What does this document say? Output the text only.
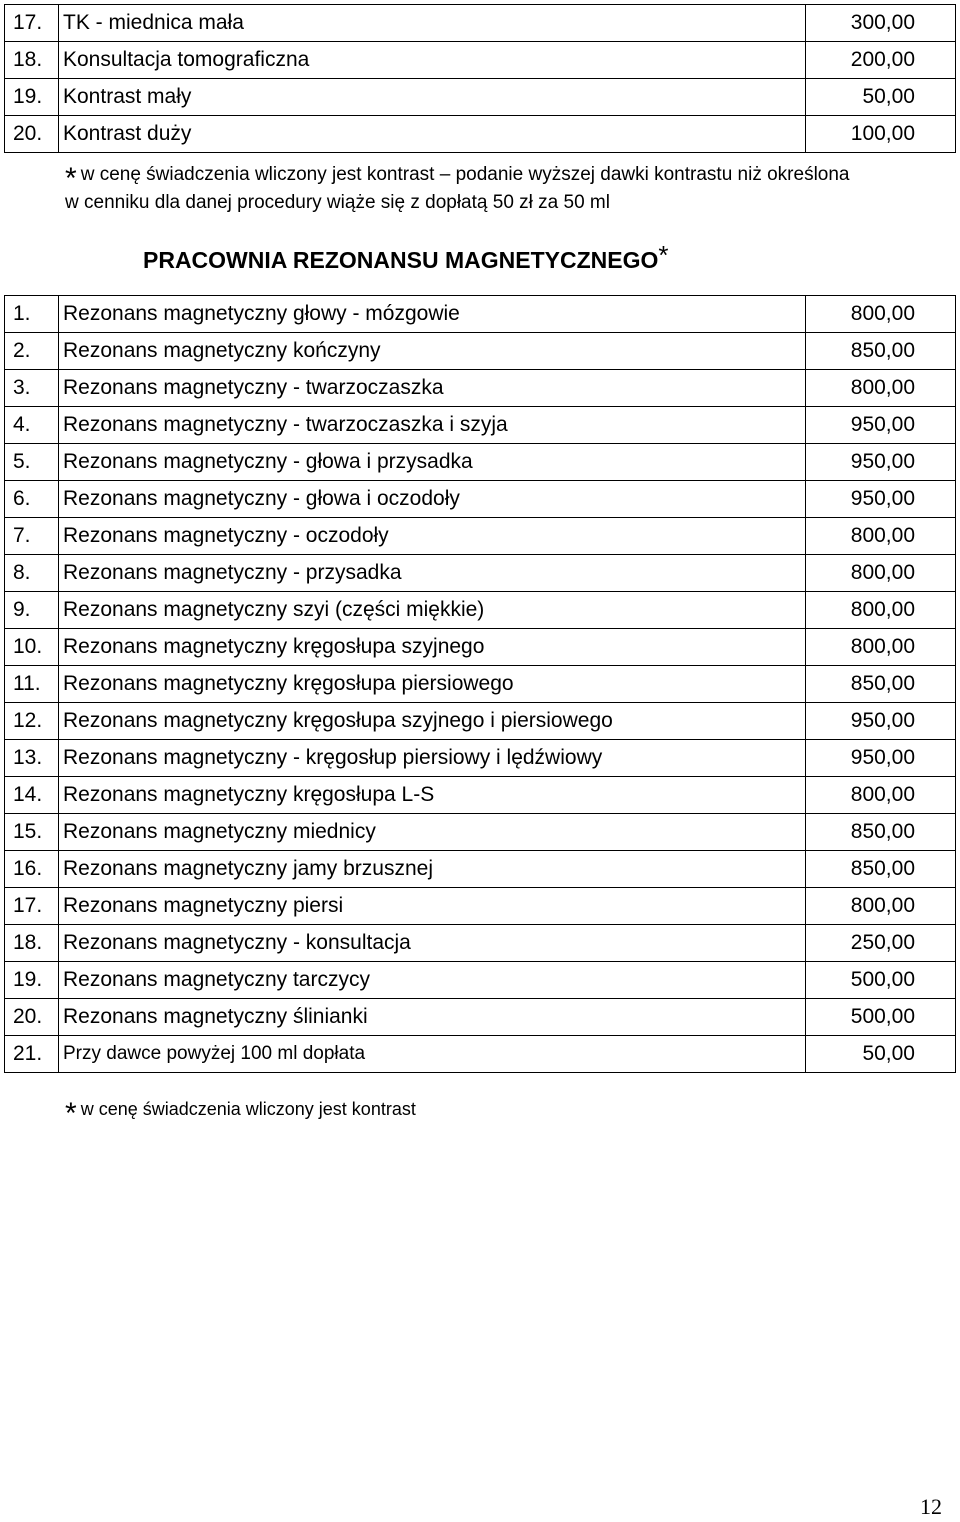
17.	TK - miednica mała	300,00
18.	Konsultacja tomograficzna	200,00
19.	Kontrast mały	50,00
20.	Kontrast duży	100,00
* w cenę świadczenia wliczony jest kontrast – podanie wyższej dawki kontrastu niż określona
w cenniku dla danej procedury wiąże się z dopłatą 50 zł za 50 ml
PRACOWNIA REZONANSU MAGNETYCZNEGO*
1.	Rezonans magnetyczny głowy - mózgowie	800,00
2.	Rezonans magnetyczny kończyny	850,00
3.	Rezonans magnetyczny - twarzoczaszka	800,00
4.	Rezonans magnetyczny - twarzoczaszka i szyja	950,00
5.	Rezonans magnetyczny - głowa i przysadka	950,00
6.	Rezonans magnetyczny - głowa i oczodoły	950,00
7.	Rezonans magnetyczny - oczodoły	800,00
8.	Rezonans magnetyczny - przysadka	800,00
9.	Rezonans magnetyczny szyi (części miękkie)	800,00
10.	Rezonans magnetyczny kręgosłupa szyjnego	800,00
11.	Rezonans magnetyczny kręgosłupa piersiowego	850,00
12.	Rezonans magnetyczny kręgosłupa szyjnego i piersiowego	950,00
13.	Rezonans magnetyczny - kręgosłup piersiowy i lędźwiowy	950,00
14.	Rezonans magnetyczny kręgosłupa L-S	800,00
15.	Rezonans magnetyczny miednicy	850,00
16.	Rezonans magnetyczny jamy brzusznej	850,00
17.	Rezonans magnetyczny piersi	800,00
18.	Rezonans magnetyczny - konsultacja	250,00
19.	Rezonans magnetyczny tarczycy	500,00
20.	Rezonans magnetyczny ślinianki	500,00
21.	Przy dawce powyżej 100 ml dopłata	50,00
* w cenę świadczenia wliczony jest kontrast
12
